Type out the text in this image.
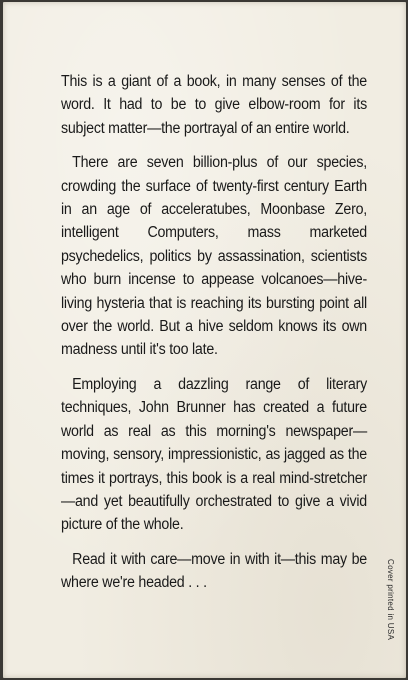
This is a giant of a book, in many senses of the word. It had to be to give elbow-room for its subject matter—the portrayal of an entire world.

There are seven billion-plus of our species, crowding the surface of twenty-first century Earth in an age of acceleratubes, Moonbase Zero, intelligent Computers, mass marketed psychedelics, politics by assassination, scientists who burn incense to appease volcanoes—hive-living hysteria that is reaching its bursting point all over the world. But a hive seldom knows its own madness until it's too late.

Employing a dazzling range of literary techniques, John Brunner has created a future world as real as this morning's newspaper—moving, sensory, impressionistic, as jagged as the times it portrays, this book is a real mind-stretcher—and yet beautifully orchestrated to give a vivid picture of the whole.

Read it with care—move in with it—this may be where we're headed . . .	Cover printed in USA
